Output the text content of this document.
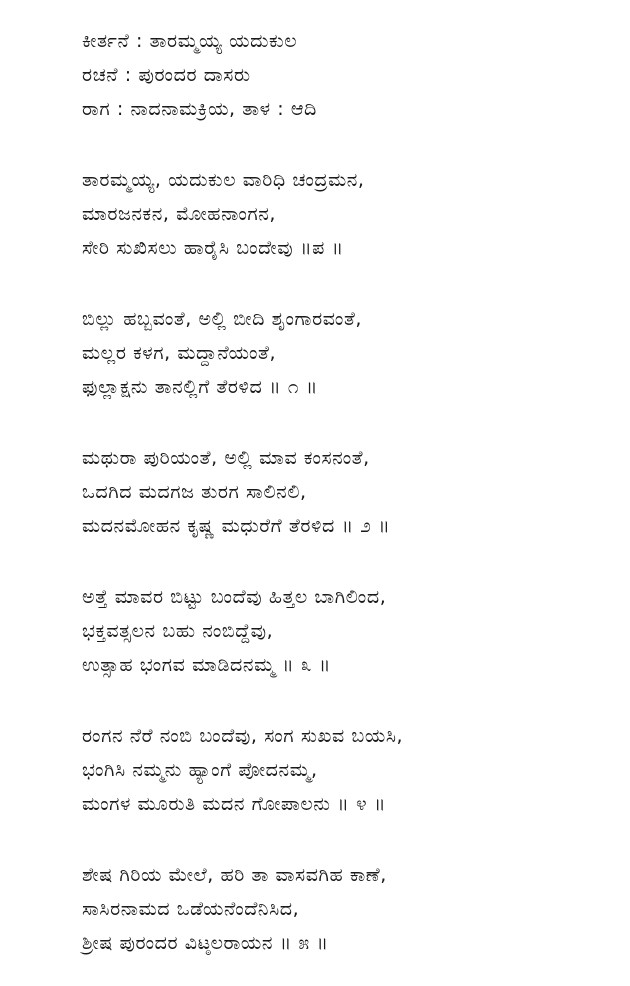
ಕೀರ್ತನೆ : ತಾರಮ್ಮಯ್ಯ ಯದುಕುಲ
ರಚನೆ : ಪುರಂದರ ದಾಸರು
ರಾಗ : ನಾದನಾಮಕ್ರಿಯ, ತಾಳ : ಆದಿ
ತಾರಮ್ಮಯ್ಯ, ಯದುಕುಲ ವಾರಿಧಿ ಚಂದ್ರಮನ,
ಮಾರಜನಕನ, ಮೋಹನಾಂಗನ,
ಸೇರಿ ಸುಖಿಸಲು ಹಾರೈಸಿ ಬಂದೇವು ॥ಪ ॥
ಬಿಲ್ಲು ಹಬ್ಬವಂತೆ, ಅಲ್ಲಿ ಬೀದಿ ಶೃಂಗಾರವಂತೆ,
ಮಲ್ಲರ ಕಳಗ, ಮದ್ದಾನೆಯಂತೆ,
ಫುಲ್ಲಾಕ್ಷನು ತಾನಲ್ಲಿಗೆ ತೆರಳಿದ ॥ ೧ ॥
ಮಥುರಾ ಪುರಿಯಂತೆ, ಅಲ್ಲಿ ಮಾವ ಕಂಸನಂತೆ,
ಒದಗಿದ ಮದಗಜ ತುರಗ ಸಾಲಿನಲಿ,
ಮದನಮೋಹನ ಕೃಷ್ಣ ಮಧುರೆಗೆ ತೆರಳಿದ ॥ ೨ ॥
ಅತ್ತೆ ಮಾವರ ಬಿಟ್ಟು ಬಂದೆವು ಹಿತ್ತಲ ಬಾಗಿಲಿಂದ,
ಭಕ್ತವತ್ಸಲನ ಬಹು ನಂಬಿದ್ದೆವು,
ಉತ್ಸಾಹ ಭಂಗವ ಮಾಡಿದನಮ್ಮ ॥ ೩ ॥
ರಂಗನ ನೆರೆ ನಂಬಿ ಬಂದೆವು, ಸಂಗ ಸುಖವ ಬಯಸಿ,
ಭಂಗಿಸಿ ನಮ್ಮನು ಹ್ಯಾಂಗೆ ಪೋದನಮ್ಮ,
ಮಂಗಳ ಮೂರುತಿ ಮದನ ಗೋಪಾಲನು ॥ ೪ ॥
ಶೇಷ ಗಿರಿಯ ಮೇಲೆ, ಹರಿ ತಾ ವಾಸವಗಿಹ ಕಾಣೆ,
ಸಾಸಿರನಾಮದ ಒಡೆಯನೆಂದೆನಿಸಿದ,
ಶ್ರೀಷ ಪುರಂದರ ವಿಟ್ಠಲರಾಯನ ॥ ೫ ॥
